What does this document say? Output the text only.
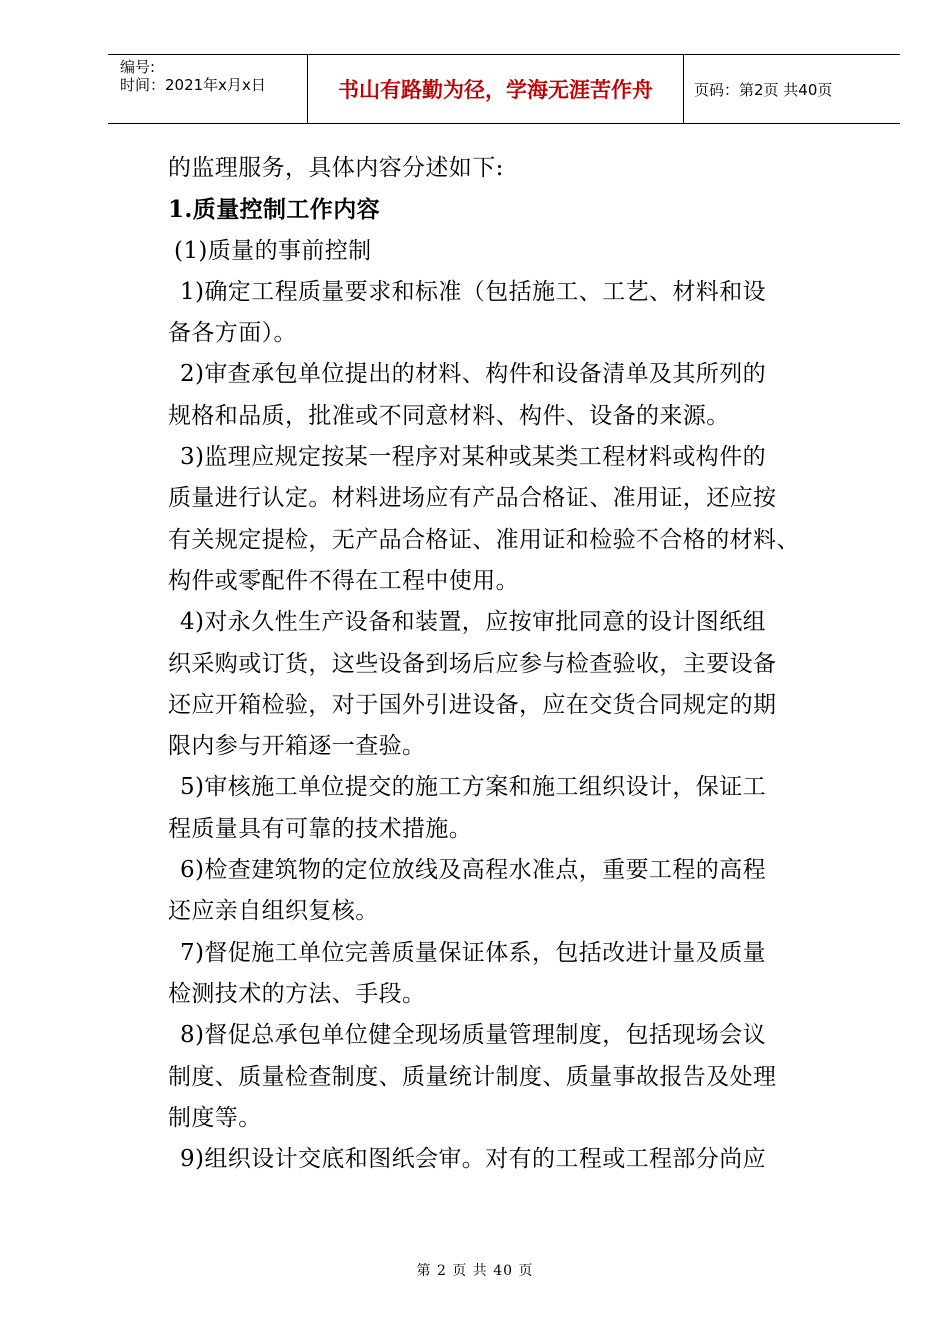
编号:
时间：2021年x月x日	书山有路勤为径，学海无涯苦作舟	页码：第2页 共40页
的监理服务，具体内容分述如下:
1.质量控制工作内容
(1)质量的事前控制
1)确定工程质量要求和标准（包括施工、工艺、材料和设
备各方面）。
2)审查承包单位提出的材料、构件和设备清单及其所列的
规格和品质，批准或不同意材料、构件、设备的来源。
3)监理应规定按某一程序对某种或某类工程材料或构件的
质量进行认定。材料进场应有产品合格证、准用证，还应按
有关规定提检，无产品合格证、准用证和检验不合格的材料、
构件或零配件不得在工程中使用。
4)对永久性生产设备和装置，应按审批同意的设计图纸组
织采购或订货，这些设备到场后应参与检查验收，主要设备
还应开箱检验，对于国外引进设备，应在交货合同规定的期
限内参与开箱逐一查验。
5)审核施工单位提交的施工方案和施工组织设计，保证工
程质量具有可靠的技术措施。
6)检查建筑物的定位放线及高程水准点，重要工程的高程
还应亲自组织复核。
7)督促施工单位完善质量保证体系，包括改进计量及质量
检测技术的方法、手段。
8)督促总承包单位健全现场质量管理制度，包括现场会议
制度、质量检查制度、质量统计制度、质量事故报告及处理
制度等。
9)组织设计交底和图纸会审。对有的工程或工程部分尚应
第 2 页 共 40 页
